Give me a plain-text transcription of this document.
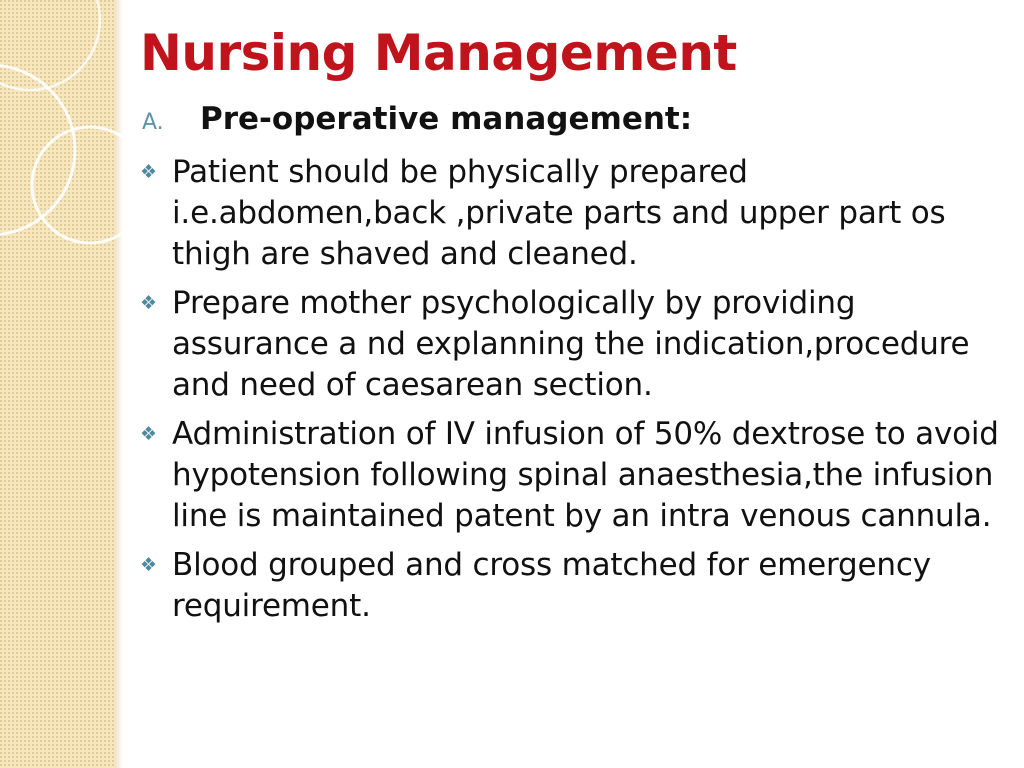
Nursing Management
A.	Pre-operative management:
❖ Patient should be physically prepared i.e.abdomen,back ,private parts and upper part os thigh are shaved and cleaned.
❖ Prepare mother psychologically by providing assurance a nd explanning the indication,procedure and need of caesarean section.
❖ Administration of IV infusion of 50% dextrose to avoid hypotension following spinal anaesthesia,the infusion line is maintained patent by an intra venous cannula.
❖ Blood grouped and cross matched for emergency requirement.
